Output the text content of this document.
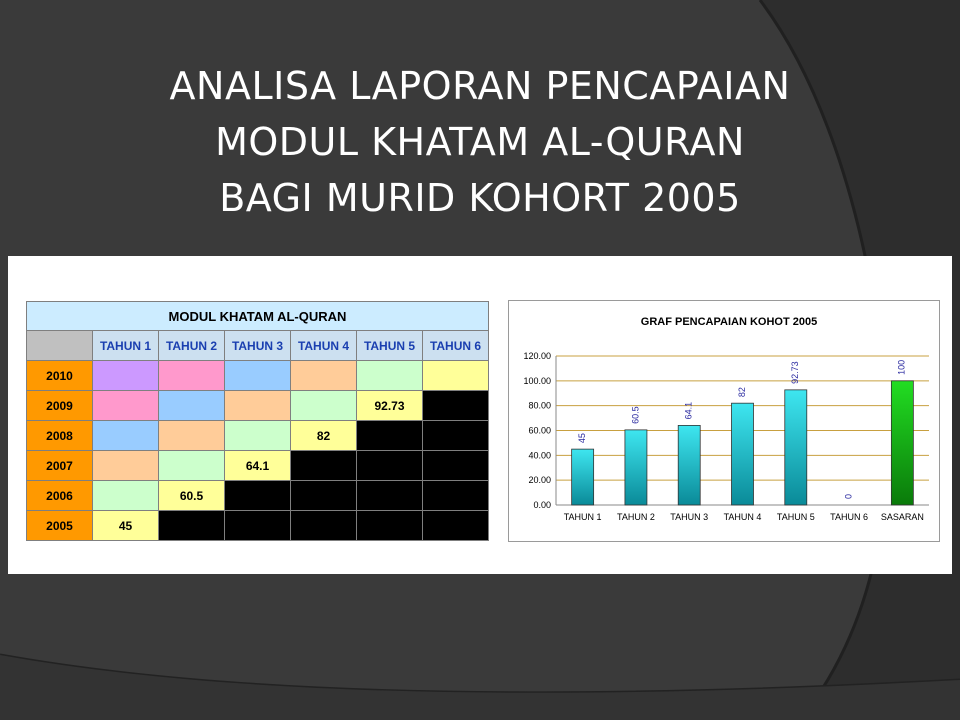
ANALISA LAPORAN PENCAPAIAN
MODUL KHATAM AL-QURAN
BAGI MURID KOHORT 2005
MODUL KHATAM AL-QURAN						
	TAHUN 1	TAHUN 2	TAHUN 3	TAHUN 4	TAHUN 5	TAHUN 6
2010						
2009					92.73	
2008				82		
2007			64.1			
2006		60.5				
2005	45					
GRAF PENCAPAIAN KOHOT 2005
0.00
20.00
40.00
60.00
80.00
100.00
120.00
45
TAHUN 1
60.5
TAHUN 2
64.1
TAHUN 3
82
TAHUN 4
92.73
TAHUN 5
0
TAHUN 6
100
SASARAN
